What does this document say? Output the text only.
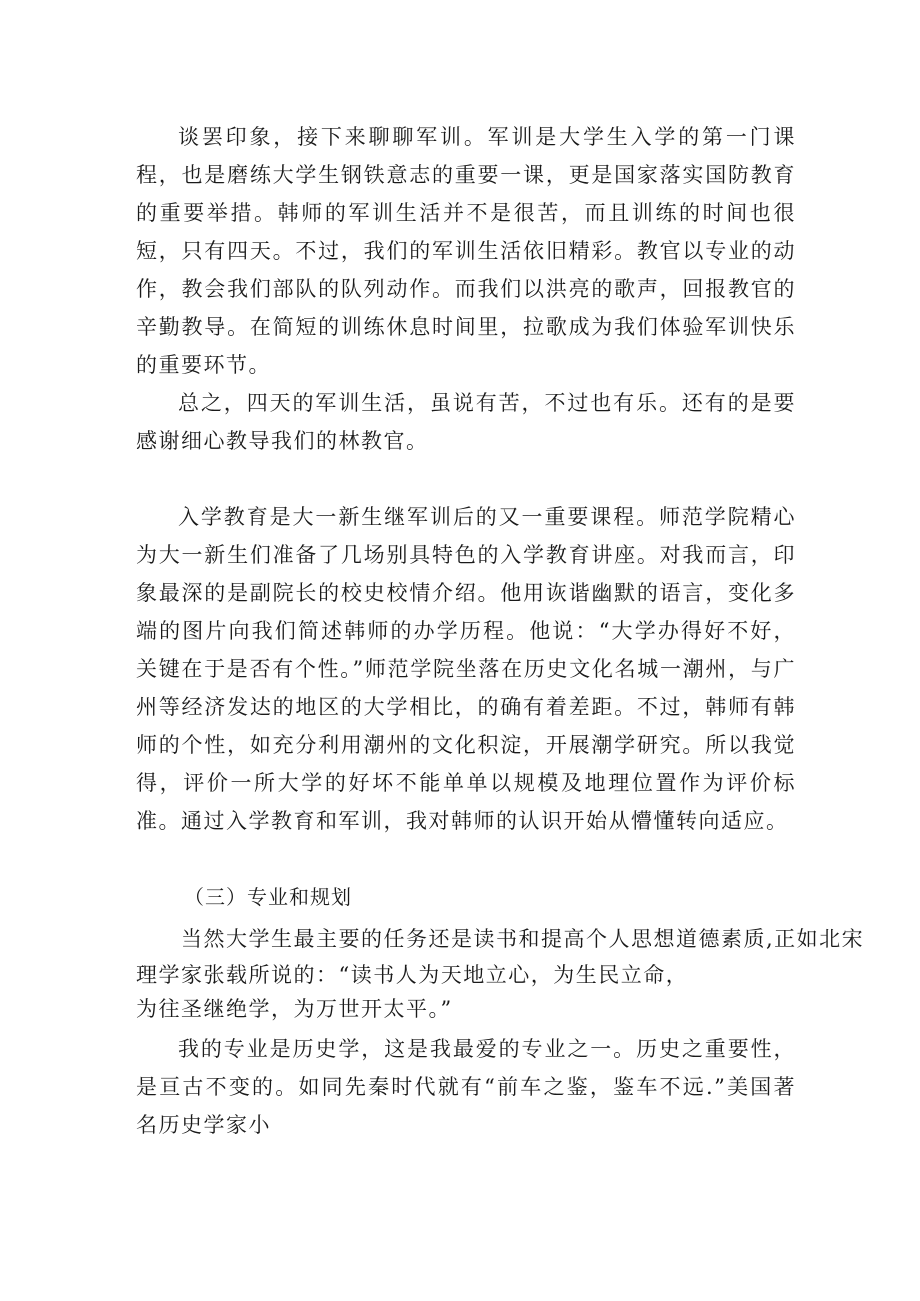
谈罢印象，接下来聊聊军训。军训是大学生入学的第一门课程，也是磨练大学生钢铁意志的重要一课，更是国家落实国防教育的重要举措。韩师的军训生活并不是很苦，而且训练的时间也很短，只有四天。不过，我们的军训生活依旧精彩。教官以专业的动作，教会我们部队的队列动作。而我们以洪亮的歌声，回报教官的辛勤教导。在简短的训练休息时间里，拉歌成为我们体验军训快乐的重要环节。

总之，四天的军训生活，虽说有苦，不过也有乐。还有的是要感谢细心教导我们的林教官。

入学教育是大一新生继军训后的又一重要课程。师范学院精心为大一新生们准备了几场别具特色的入学教育讲座。对我而言，印象最深的是副院长的校史校情介绍。他用诙谐幽默的语言，变化多端的图片向我们简述韩师的办学历程。他说：“大学办得好不好，关键在于是否有个性。”师范学院坐落在历史文化名城一潮州，与广州等经济发达的地区的大学相比，的确有着差距。不过，韩师有韩师的个性，如充分利用潮州的文化积淀，开展潮学研究。所以我觉得，评价一所大学的好坏不能单单以规模及地理位置作为评价标准。通过入学教育和军训，我对韩师的认识开始从懵懂转向适应。

（三）专业和规划

　　当然大学生最主要的任务还是读书和提高个人思想道德素质,正如北宋
理学家张载所说的：“读书人为天地立心，为生民立命，
为往圣继绝学，为万世开太平。”

我的专业是历史学，这是我最爱的专业之一。历史之重要性，是亘古不变的。如同先秦时代就有“前车之鉴，鉴车不远.”美国著名历史学家小
